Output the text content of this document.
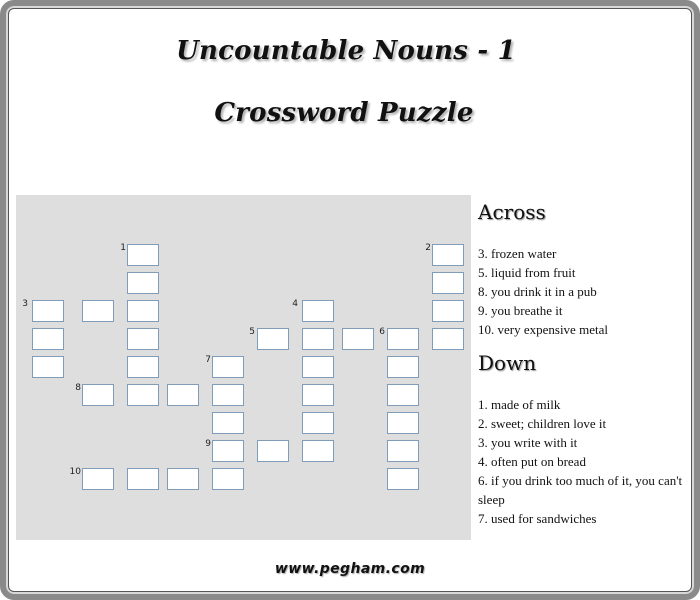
Uncountable Nouns - 1
Crossword Puzzle
1	2
3	4
5	6
7
8
9
10
Across
3. frozen water
5. liquid from fruit
8. you drink it in a pub
9. you breathe it
10. very expensive metal
Down
1. made of milk
2. sweet; children love it
3. you write with it
4. often put on bread
6. if you drink too much of it, you can't sleep
7. used for sandwiches
www.pegham.com
